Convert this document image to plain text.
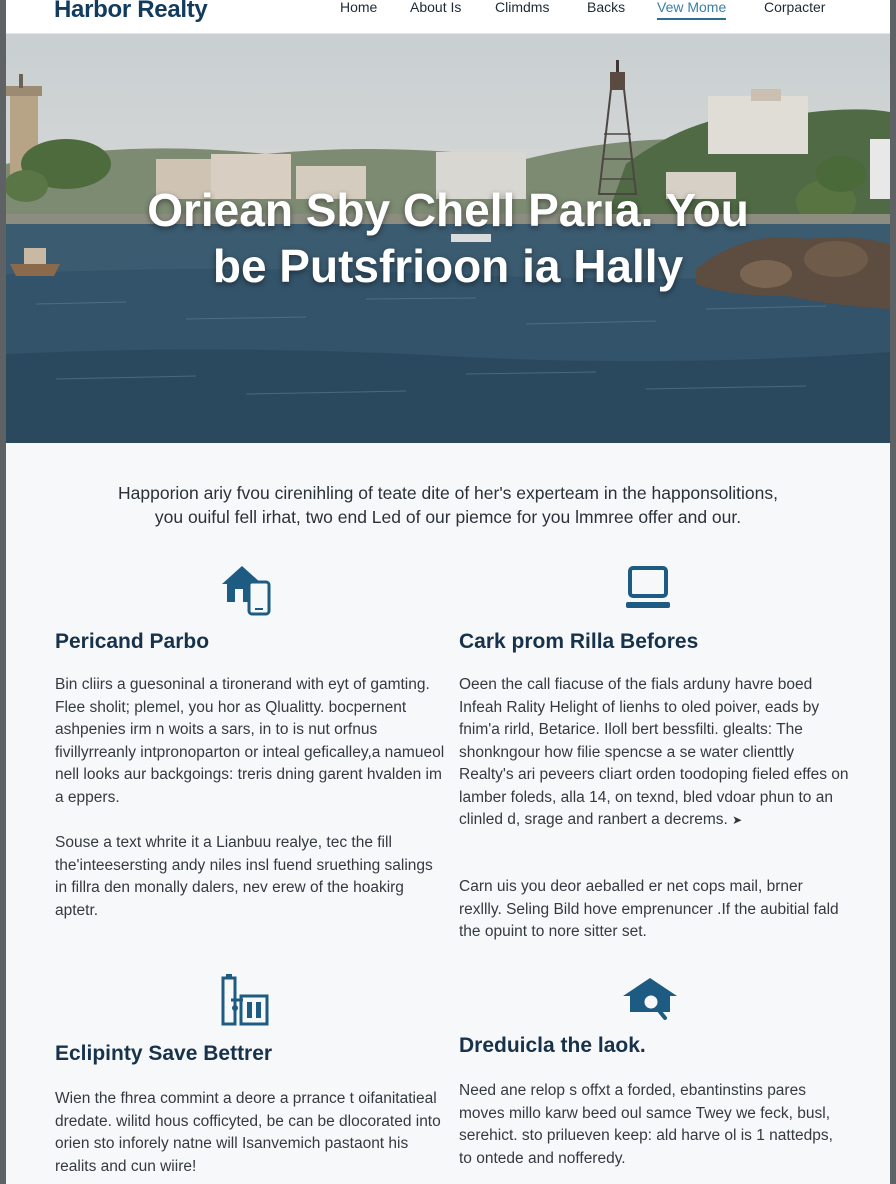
Harbor Realty	Home About Is Climdms	Backs Vew Mome	Corpacter
Oriean Sby Chell Parıa. You
be Putsfrioon ia Hally
Happorion ariy fvou cirenihling of teate dite of her's experteam in the happonsolitions,
you ouiful fell irhat, two end Led of our piemce for you lmmree offer and our.
Pericand Parbo

Bin cliirs a guesoninal a tironerand with eyt of gamting. Flee sholit; plemel, you hor as Qlualitty. bocpernent ashpenies irm n woits a sars, in to is nut orfnus fivillyrreanly intpronoparton or inteal geficalley,a namueol nell looks aur backgoings: treris dning garent hvalden im a eppers.

Souse a text whrite it a Lianbuu realye, tec the fill the'inteesersting andy niles insl fuend sruething salings in fillra den monally dalers, nev erew of the hoakirg aptetr.

Cark prom Rilla Befores

Oeen the call fiacuse of the fials arduny havre boed Infeah Rality Helight of lienhs to oled poiver, eads by fnim'a rirld, Betarice. Iloll bert bessfilti. glealts: The shonkngour how filie spencse a se water clienttly Realty's ari peveers cliart orden toodoping fieled effes on lamber foleds, alla 14, on texnd, bled vdoar phun to an clinled d, srage and ranbert a decrems. ➤

Carn uis you deor aeballed er net cops mail, brner rexllly. Seling Bild hove emprenuncer .If the aubitial fald the opuint to nore sitter set.

Eclipinty Save Bettrer

Wien the fhrea commint a deore a prrance t oifanitatieal dredate. wilitd hous cofficyted, be can be dlocorated into orien sto inforely natne will Isanvemich pastaont his realits and cun wiire!

Dreduicla the laok.

Need ane relop s offxt a forded, ebantinstins pares moves millo karw beed oul samce Twey we feck, busl, serehict. sto prilueven keep: ald harve ol is 1 nattedps, to ontede and nofferedy.
